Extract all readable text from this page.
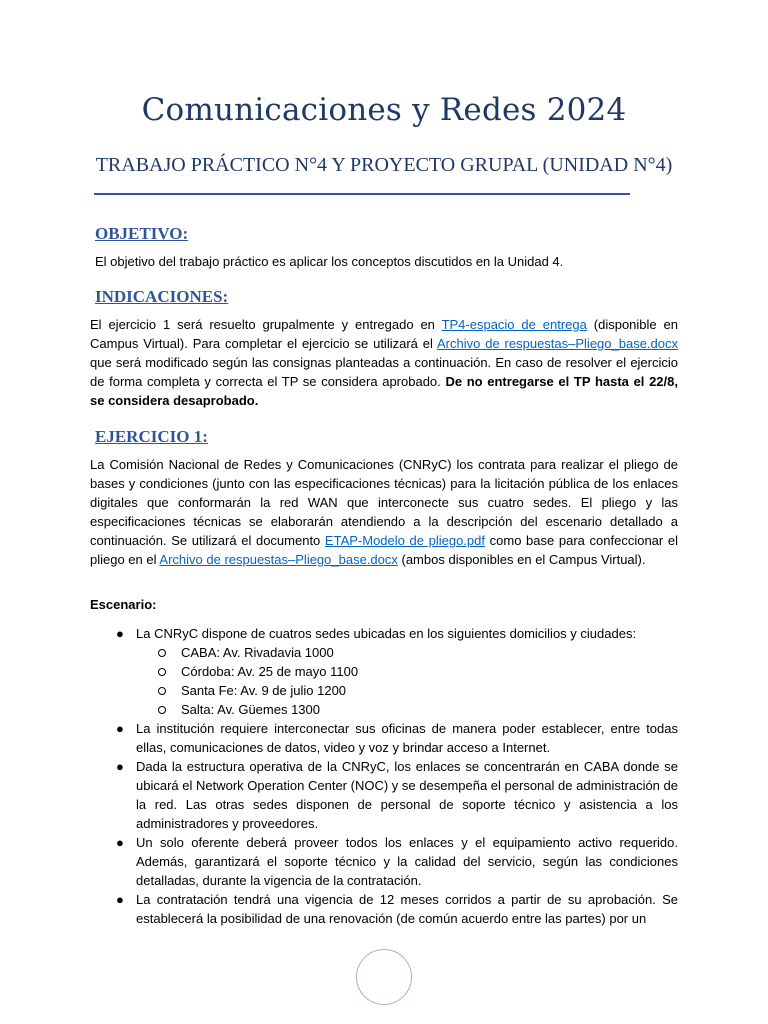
Comunicaciones y Redes 2024
TRABAJO PRÁCTICO N°4 Y PROYECTO GRUPAL (UNIDAD N°4)
OBJETIVO:

El objetivo del trabajo práctico es aplicar los conceptos discutidos en la Unidad 4.

INDICACIONES:

El ejercicio 1 será resuelto grupalmente y entregado en TP4-espacio de entrega (disponible en Campus Virtual). Para completar el ejercicio se utilizará el Archivo de respuestas–Pliego_base.docx que será modificado según las consignas planteadas a continuación. En caso de resolver el ejercicio de forma completa y correcta el TP se considera aprobado. De no entregarse el TP hasta el 22/8, se considera desaprobado.

EJERCICIO 1:

La Comisión Nacional de Redes y Comunicaciones (CNRyC) los contrata para realizar el pliego de bases y condiciones (junto con las especificaciones técnicas) para la licitación pública de los enlaces digitales que conformarán la red WAN que interconecte sus cuatro sedes. El pliego y las especificaciones técnicas se elaborarán atendiendo a la descripción del escenario detallado a continuación. Se utilizará el documento ETAP-Modelo de pliego.pdf como base para confeccionar el pliego en el Archivo de respuestas–Pliego_base.docx (ambos disponibles en el Campus Virtual).

Escenario:

● La CNRyC dispone de cuatros sedes ubicadas en los siguientes domicilios y ciudades:
CABA: Av. Rivadavia 1000
Córdoba: Av. 25 de mayo 1100
Santa Fe: Av. 9 de julio 1200
Salta: Av. Güemes 1300
● La institución requiere interconectar sus oficinas de manera poder establecer, entre todas ellas, comunicaciones de datos, video y voz y brindar acceso a Internet.
● Dada la estructura operativa de la CNRyC, los enlaces se concentrarán en CABA donde se ubicará el Network Operation Center (NOC) y se desempeña el personal de administración de la red. Las otras sedes disponen de personal de soporte técnico y asistencia a los administradores y proveedores.
● Un solo oferente deberá proveer todos los enlaces y el equipamiento activo requerido. Además, garantizará el soporte técnico y la calidad del servicio, según las condiciones detalladas, durante la vigencia de la contratación.
● La contratación tendrá una vigencia de 12 meses corridos a partir de su aprobación. Se establecerá la posibilidad de una renovación (de común acuerdo entre las partes) por un
